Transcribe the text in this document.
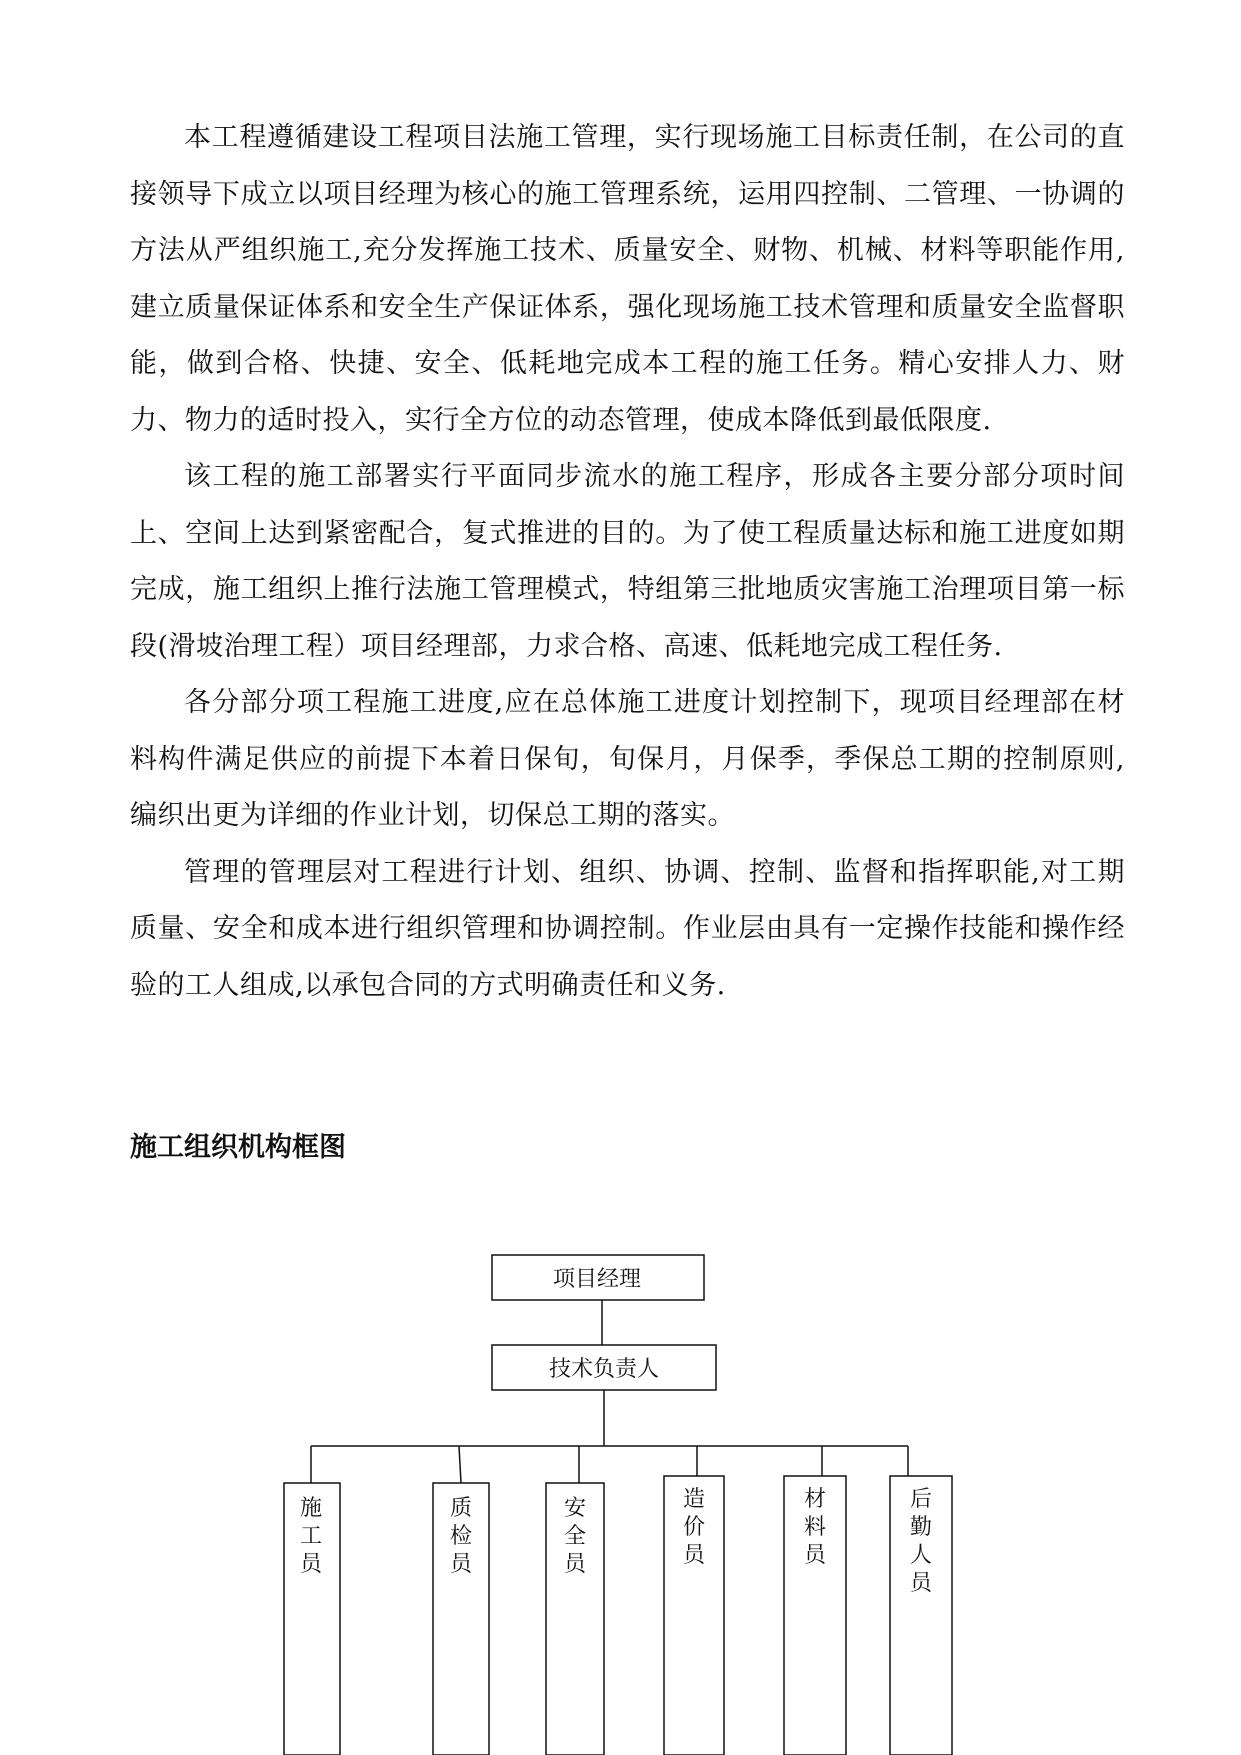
本工程遵循建设工程项目法施工管理，实行现场施工目标责任制，在公司的直接领导下成立以项目经理为核心的施工管理系统，运用四控制、二管理、一协调的方法从严组织施工,充分发挥施工技术、质量安全、财物、机械、材料等职能作用,建立质量保证体系和安全生产保证体系，强化现场施工技术管理和质量安全监督职能，做到合格、快捷、安全、低耗地完成本工程的施工任务。精心安排人力、财力、物力的适时投入，实行全方位的动态管理，使成本降低到最低限度.

该工程的施工部署实行平面同步流水的施工程序，形成各主要分部分项时间上、空间上达到紧密配合，复式推进的目的。为了使工程质量达标和施工进度如期完成，施工组织上推行法施工管理模式，特组第三批地质灾害施工治理项目第一标段(滑坡治理工程）项目经理部，力求合格、高速、低耗地完成工程任务.

各分部分项工程施工进度,应在总体施工进度计划控制下，现项目经理部在材料构件满足供应的前提下本着日保旬，旬保月，月保季，季保总工期的控制原则,编织出更为详细的作业计划，切保总工期的落实。

管理的管理层对工程进行计划、组织、协调、控制、监督和指挥职能,对工期质量、安全和成本进行组织管理和协调控制。作业层由具有一定操作技能和操作经验的工人组成,以承包合同的方式明确责任和义务.

施工组织机构框图
项目经理
技术负责人
施
工
员
质
检
员
安
全
员
造
价
员
材
料
员
后
勤
人
员
